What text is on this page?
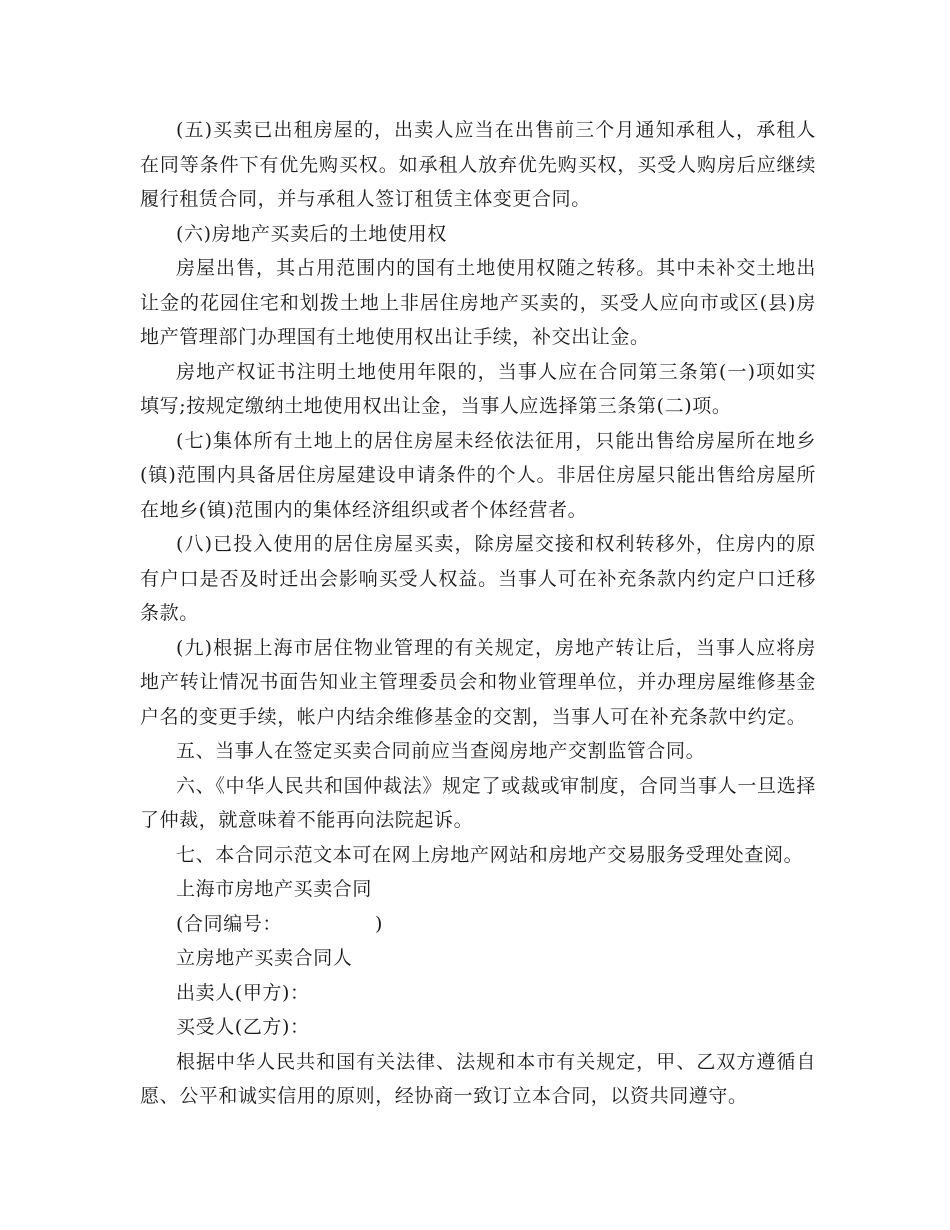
(五)买卖已出租房屋的，出卖人应当在出售前三个月通知承租人，承租人在同等条件下有优先购买权。如承租人放弃优先购买权，买受人购房后应继续履行租赁合同，并与承租人签订租赁主体变更合同。

(六)房地产买卖后的土地使用权

房屋出售，其占用范围内的国有土地使用权随之转移。其中未补交土地出让金的花园住宅和划拨土地上非居住房地产买卖的，买受人应向市或区(县)房地产管理部门办理国有土地使用权出让手续，补交出让金。

房地产权证书注明土地使用年限的，当事人应在合同第三条第(一)项如实填写;按规定缴纳土地使用权出让金，当事人应选择第三条第(二)项。

(七)集体所有土地上的居住房屋未经依法征用，只能出售给房屋所在地乡(镇)范围内具备居住房屋建设申请条件的个人。非居住房屋只能出售给房屋所在地乡(镇)范围内的集体经济组织或者个体经营者。

(八)已投入使用的居住房屋买卖，除房屋交接和权利转移外，住房内的原有户口是否及时迁出会影响买受人权益。当事人可在补充条款内约定户口迁移条款。

(九)根据上海市居住物业管理的有关规定，房地产转让后，当事人应将房地产转让情况书面告知业主管理委员会和物业管理单位，并办理房屋维修基金户名的变更手续，帐户内结余维修基金的交割，当事人可在补充条款中约定。

五、当事人在签定买卖合同前应当查阅房地产交割监管合同。

六、《中华人民共和国仲裁法》规定了或裁或审制度，合同当事人一旦选择了仲裁，就意味着不能再向法院起诉。

七、本合同示范文本可在网上房地产网站和房地产交易服务受理处查阅。

上海市房地产买卖合同

(合同编号：              )

立房地产买卖合同人

出卖人(甲方)：

买受人(乙方)：

根据中华人民共和国有关法律、法规和本市有关规定，甲、乙双方遵循自愿、公平和诚实信用的原则，经协商一致订立本合同，以资共同遵守。
